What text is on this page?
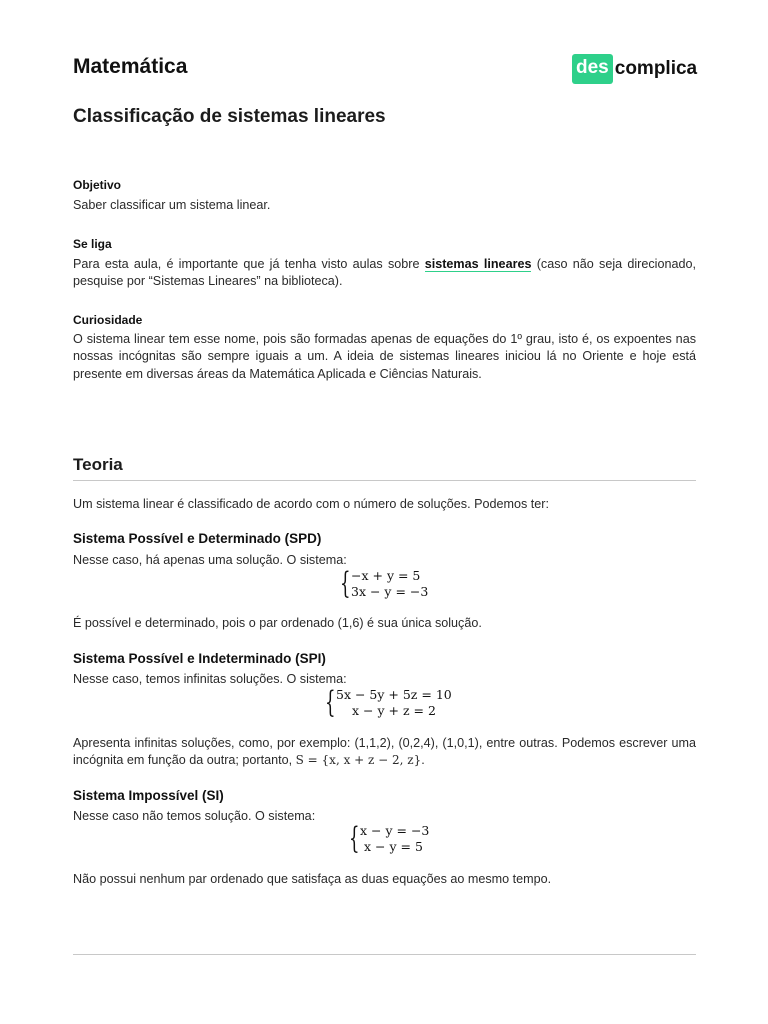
Matemática	des complica
Classificação de sistemas lineares
Objetivo
Saber classificar um sistema linear.
Se liga
Para esta aula, é importante que já tenha visto aulas sobre sistemas lineares (caso não seja direcionado, pesquise por “Sistemas Lineares” na biblioteca).
Curiosidade
O sistema linear tem esse nome, pois são formadas apenas de equações do 1º grau, isto é, os expoentes nas nossas incógnitas são sempre iguais a um. A ideia de sistemas lineares iniciou lá no Oriente e hoje está presente em diversas áreas da Matemática Aplicada e Ciências Naturais.
Teoria
Um sistema linear é classificado de acordo com o número de soluções. Podemos ter:
Sistema Possível e Determinado (SPD)
Nesse caso, há apenas uma solução. O sistema:
{ −x + y = 5
3x − y = −3
É possível e determinado, pois o par ordenado (1,6) é sua única solução.
Sistema Possível e Indeterminado (SPI)
Nesse caso, temos infinitas soluções. O sistema:
{ 5x − 5y + 5z = 10
x − y + z = 2
Apresenta infinitas soluções, como, por exemplo: (1,1,2), (0,2,4), (1,0,1), entre outras. Podemos escrever uma incógnita em função da outra; portanto, S = {x, x + z − 2, z}.
Sistema Impossível (SI)
Nesse caso não temos solução. O sistema:
{ x − y = −3
x − y = 5
Não possui nenhum par ordenado que satisfaça as duas equações ao mesmo tempo.
